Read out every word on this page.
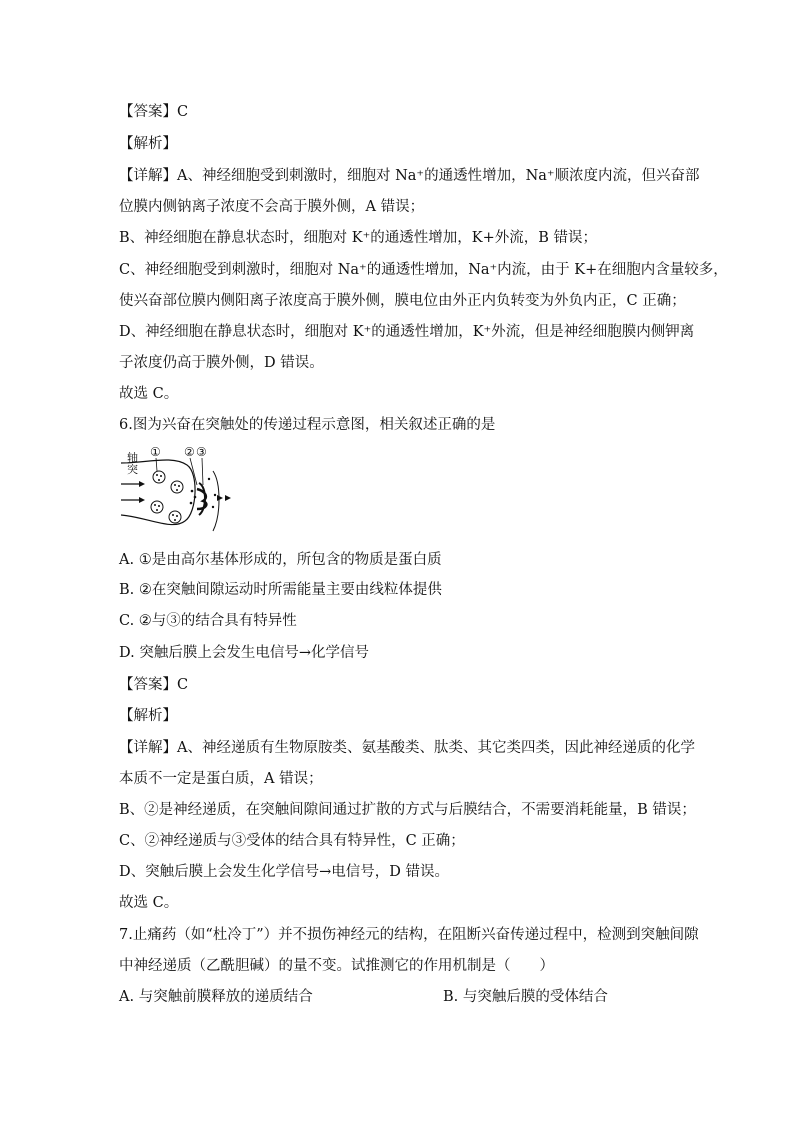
【答案】C
【解析】
【详解】A、神经细胞受到刺激时，细胞对 Na⁺的通透性增加，Na⁺顺浓度内流，但兴奋部
位膜内侧钠离子浓度不会高于膜外侧，A 错误；
B、神经细胞在静息状态时，细胞对 K⁺的通透性增加，K+外流，B 错误；
C、神经细胞受到刺激时，细胞对 Na⁺的通透性增加，Na⁺内流，由于 K+在细胞内含量较多，
使兴奋部位膜内侧阳离子浓度高于膜外侧，膜电位由外正内负转变为外负内正，C 正确；
D、神经细胞在静息状态时，细胞对 K⁺的通透性增加，K⁺外流，但是神经细胞膜内侧钾离
子浓度仍高于膜外侧，D 错误。
故选 C。
6.图为兴奋在突触处的传递过程示意图，相关叙述正确的是
轴
突
① ② ③
A. ①是由高尔基体形成的，所包含的物质是蛋白质
B. ②在突触间隙运动时所需能量主要由线粒体提供
C. ②与③的结合具有特异性
D. 突触后膜上会发生电信号→化学信号
【答案】C
【解析】
【详解】A、神经递质有生物原胺类、氨基酸类、肽类、其它类四类，因此神经递质的化学
本质不一定是蛋白质，A 错误；
B、②是神经递质，在突触间隙间通过扩散的方式与后膜结合，不需要消耗能量，B 错误；
C、②神经递质与③受体的结合具有特异性，C 正确；
D、突触后膜上会发生化学信号→电信号，D 错误。
故选 C。
7.止痛药（如“杜冷丁”）并不损伤神经元的结构，在阻断兴奋传递过程中，检测到突触间隙
中神经递质（乙酰胆碱）的量不变。试推测它的作用机制是（　　）
A. 与突触前膜释放的递质结合	B. 与突触后膜的受体结合
